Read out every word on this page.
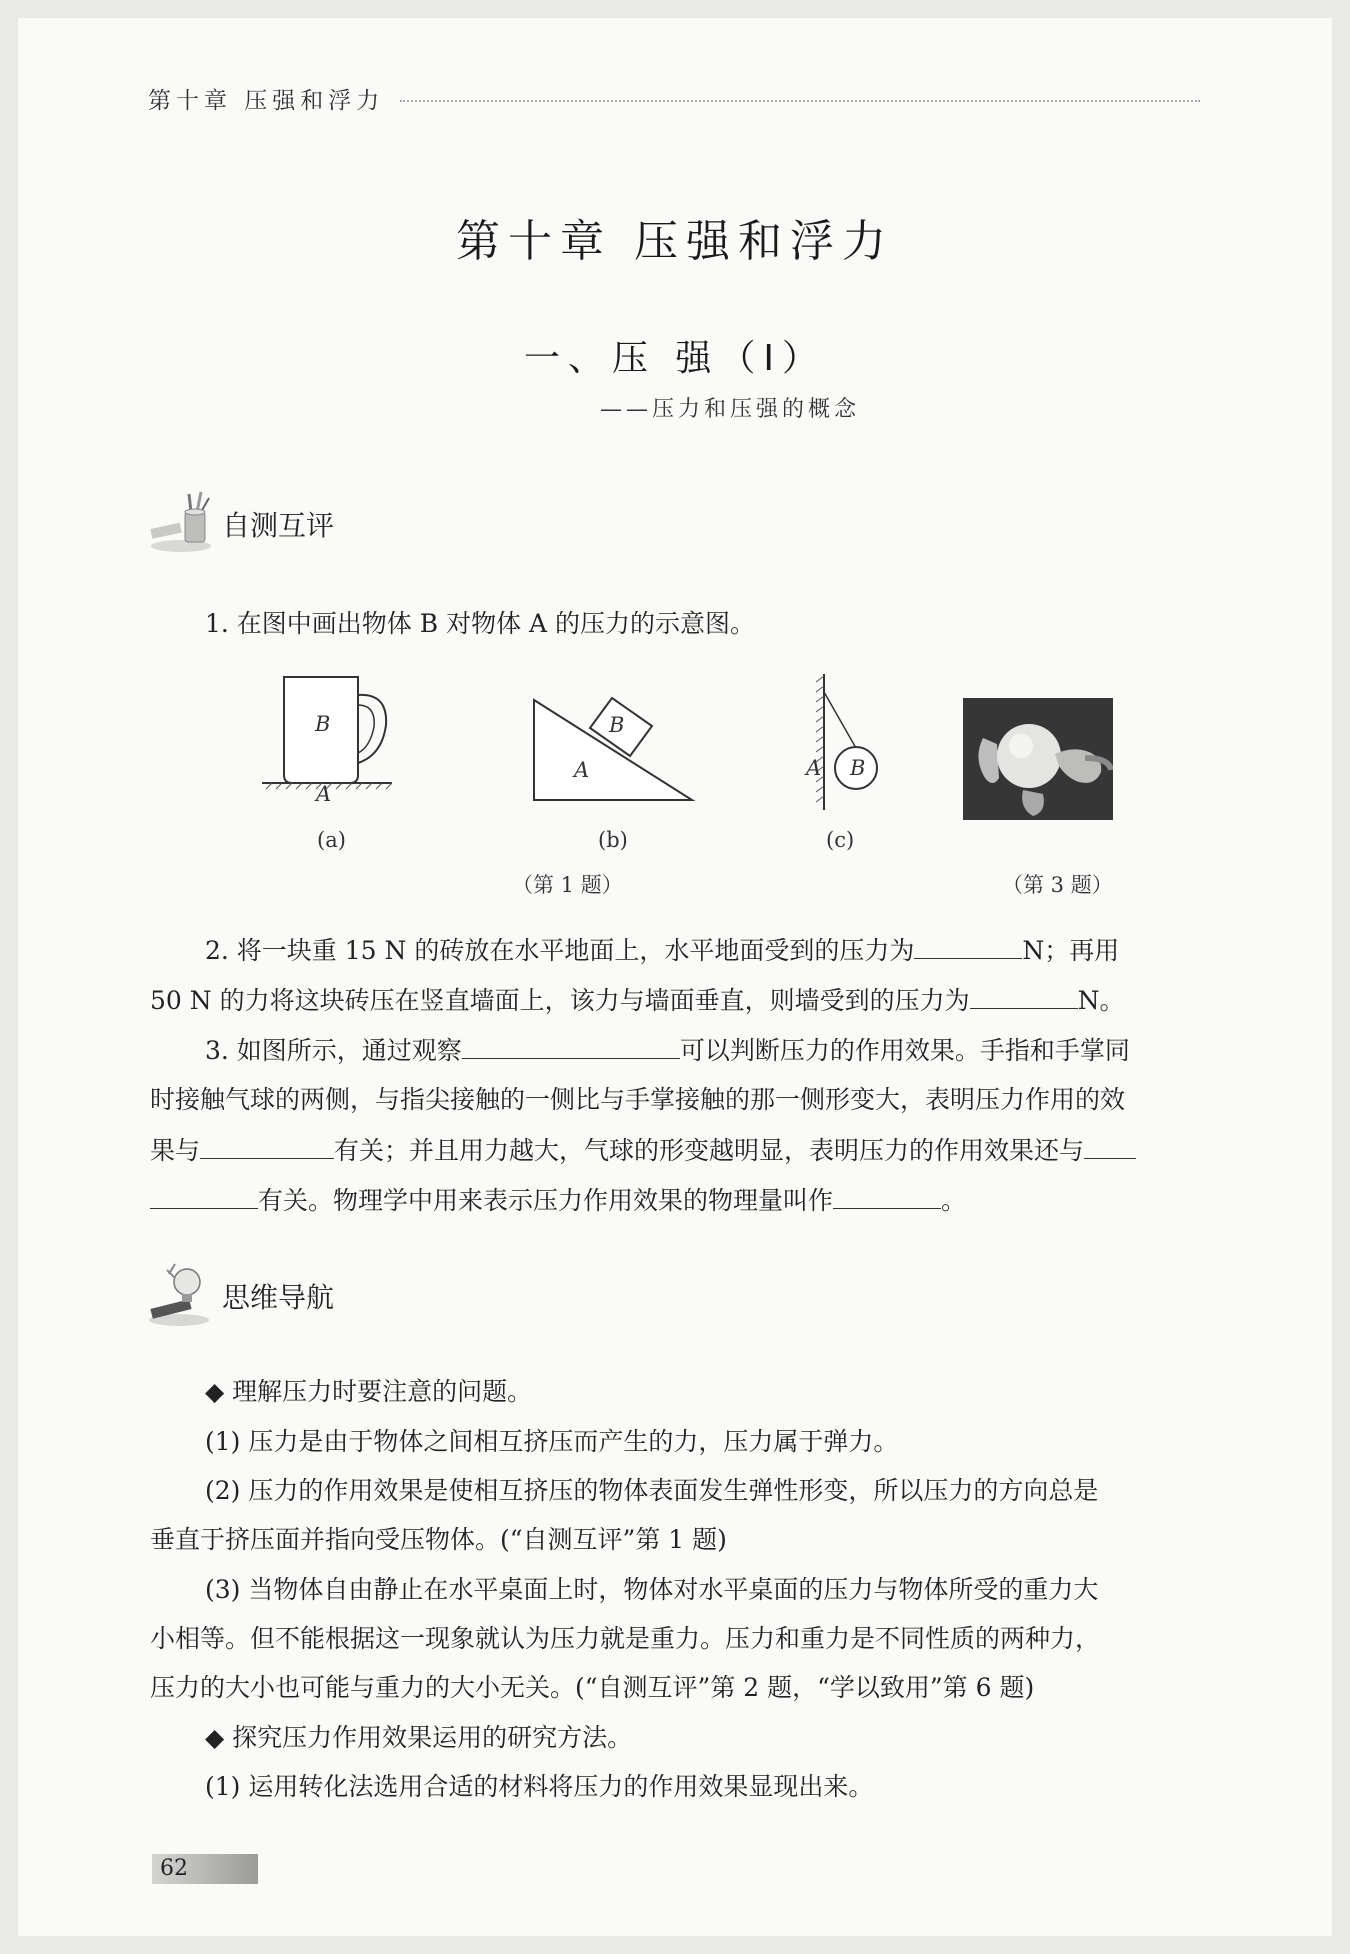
第十章 压强和浮力
第十章 压强和浮力
一、压 强（Ⅰ）
——压力和压强的概念
自测互评
1. 在图中画出物体 B 对物体 A 的压力的示意图。
B
A
(a)
B
A
(b)
A B
(c)
（第 1 题）	（第 3 题）
2. 将一块重 15 N 的砖放在水平地面上，水平地面受到的压力为	N；再用
50 N 的力将这块砖压在竖直墙面上，该力与墙面垂直，则墙受到的压力为	N。
3. 如图所示，通过观察	可以判断压力的作用效果。手指和手掌同
时接触气球的两侧，与指尖接触的一侧比与手掌接触的那一侧形变大，表明压力作用的效
果与	有关；并且用力越大，气球的形变越明显，表明压力的作用效果还与
有关。物理学中用来表示压力作用效果的物理量叫作	。
思维导航
◆ 理解压力时要注意的问题。
(1) 压力是由于物体之间相互挤压而产生的力，压力属于弹力。
(2) 压力的作用效果是使相互挤压的物体表面发生弹性形变，所以压力的方向总是
垂直于挤压面并指向受压物体。(“自测互评”第 1 题)
(3) 当物体自由静止在水平桌面上时，物体对水平桌面的压力与物体所受的重力大
小相等。但不能根据这一现象就认为压力就是重力。压力和重力是不同性质的两种力，
压力的大小也可能与重力的大小无关。(“自测互评”第 2 题，“学以致用”第 6 题)
◆ 探究压力作用效果运用的研究方法。
(1) 运用转化法选用合适的材料将压力的作用效果显现出来。
62
